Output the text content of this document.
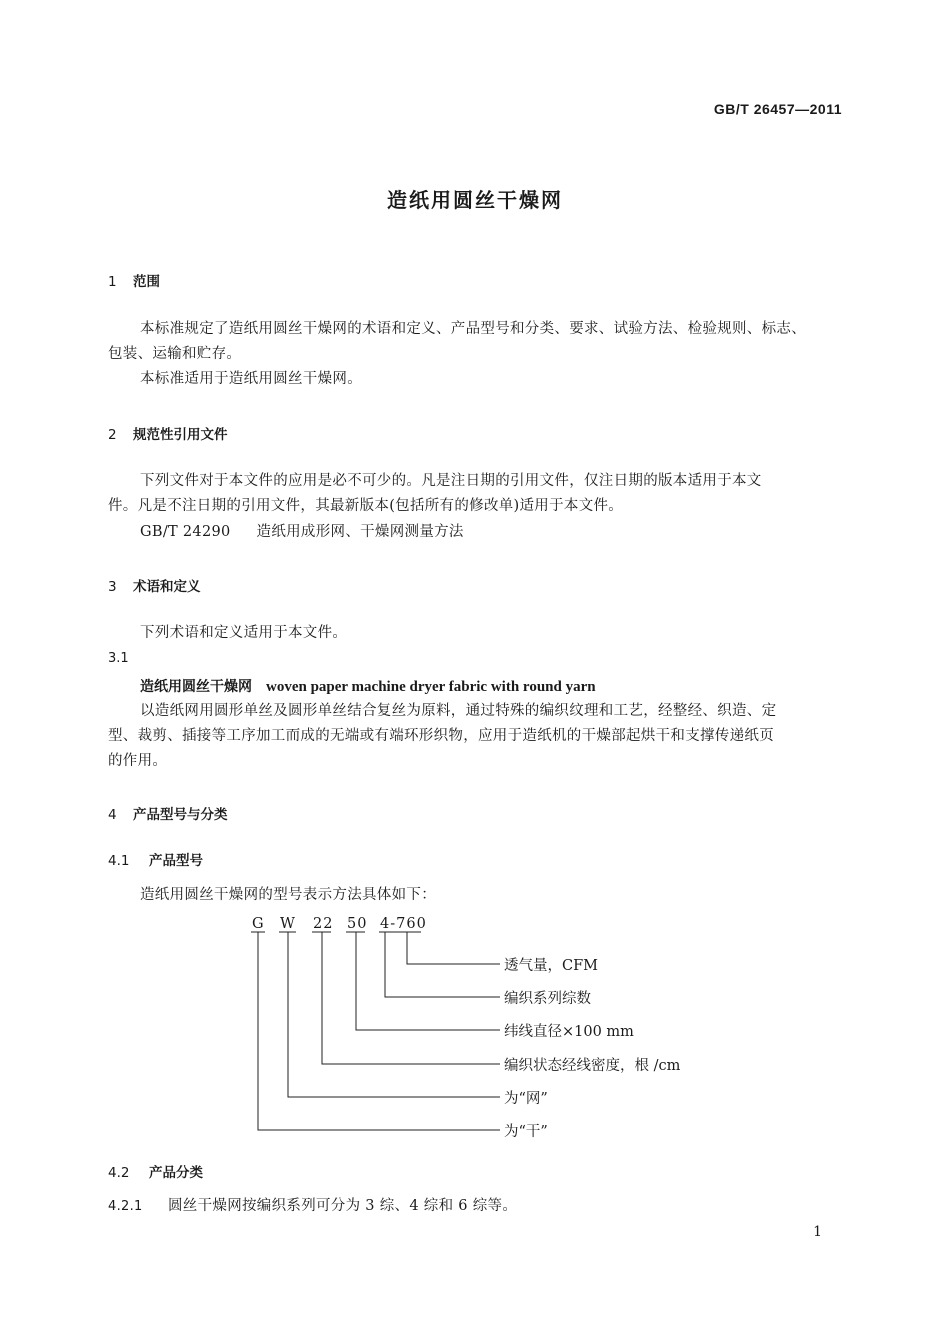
GB/T 26457—2011
造纸用圆丝干燥网
1 范围
本标准规定了造纸用圆丝干燥网的术语和定义、产品型号和分类、要求、试验方法、检验规则、标志、
包装、运输和贮存。
本标准适用于造纸用圆丝干燥网。
2 规范性引用文件
下列文件对于本文件的应用是必不可少的。凡是注日期的引用文件，仅注日期的版本适用于本文
件。凡是不注日期的引用文件，其最新版本(包括所有的修改单)适用于本文件。
GB/T 24290 造纸用成形网、干燥网测量方法
3 术语和定义
下列术语和定义适用于本文件。
3.1
造纸用圆丝干燥网 woven paper machine dryer fabric with round yarn
以造纸网用圆形单丝及圆形单丝结合复丝为原料，通过特殊的编织纹理和工艺，经整经、织造、定
型、裁剪、插接等工序加工而成的无端或有端环形织物，应用于造纸机的干燥部起烘干和支撑传递纸页
的作用。
4 产品型号与分类
4.1 产品型号
造纸用圆丝干燥网的型号表示方法具体如下：
G W 22 50 4-760
透气量，CFM
编织系列综数
纬线直径×100 mm
编织状态经线密度，根 /cm
为“网”
为“干”
4.2 产品分类
4.2.1 圆丝干燥网按编织系列可分为 3 综、4 综和 6 综等。
1
